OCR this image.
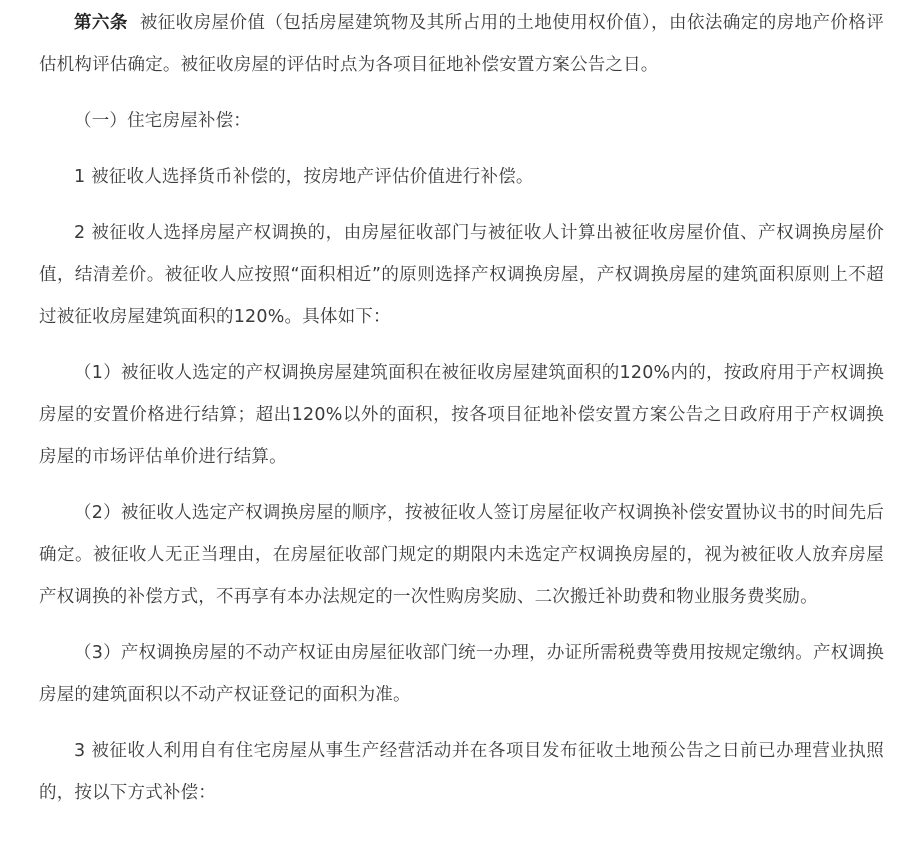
第六条 被征收房屋价值（包括房屋建筑物及其所占用的土地使用权价值），由依法确定的房地产价格评估机构评估确定。被征收房屋的评估时点为各项目征地补偿安置方案公告之日。

（一）住宅房屋补偿：

1 被征收人选择货币补偿的，按房地产评估价值进行补偿。

2 被征收人选择房屋产权调换的，由房屋征收部门与被征收人计算出被征收房屋价值、产权调换房屋价值，结清差价。被征收人应按照“面积相近”的原则选择产权调换房屋，产权调换房屋的建筑面积原则上不超过被征收房屋建筑面积的120%。具体如下：

（1）被征收人选定的产权调换房屋建筑面积在被征收房屋建筑面积的120%内的，按政府用于产权调换房屋的安置价格进行结算；超出120%以外的面积，按各项目征地补偿安置方案公告之日政府用于产权调换房屋的市场评估单价进行结算。

（2）被征收人选定产权调换房屋的顺序，按被征收人签订房屋征收产权调换补偿安置协议书的时间先后确定。被征收人无正当理由，在房屋征收部门规定的期限内未选定产权调换房屋的，视为被征收人放弃房屋产权调换的补偿方式，不再享有本办法规定的一次性购房奖励、二次搬迁补助费和物业服务费奖励。

（3）产权调换房屋的不动产权证由房屋征收部门统一办理，办证所需税费等费用按规定缴纳。产权调换房屋的建筑面积以不动产权证登记的面积为准。

3 被征收人利用自有住宅房屋从事生产经营活动并在各项目发布征收土地预公告之日前已办理营业执照的，按以下方式补偿：
